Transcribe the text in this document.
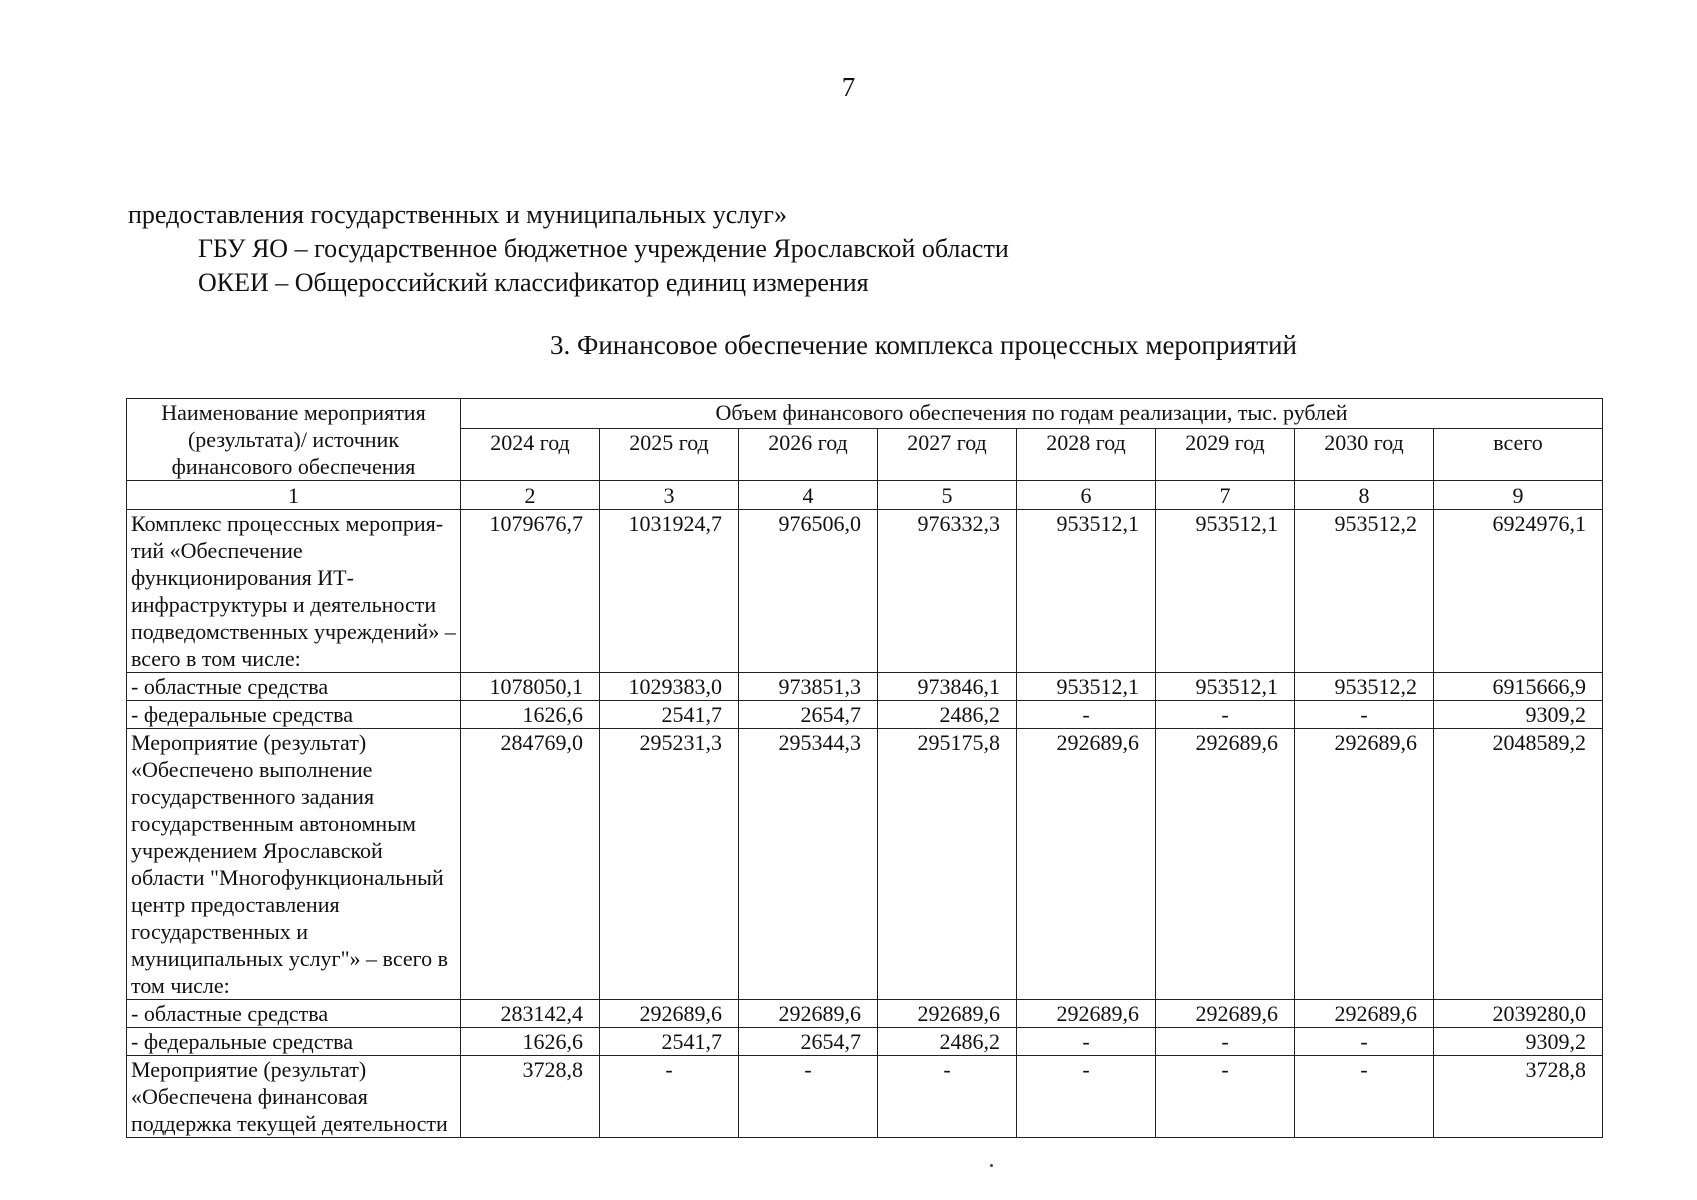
7

предоставления государственных и муниципальных услуг»

ГБУ ЯО – государственное бюджетное учреждение Ярославской области

ОКЕИ – Общероссийский классификатор единиц измерения

3. Финансовое обеспечение комплекса процессных мероприятий
Наименование мероприятия (результата)/ источник финансового обеспечения	Объем финансового обеспечения по годам реализации, тыс. рублей							
	2024 год	2025 год	2026 год	2027 год	2028 год	2029 год	2030 год	всего
1	2	3	4	5	6	7	8	9
Комплекс процессных мероприя-тий «Обеспечение функционирования ИТ-инфраструктуры и деятельности подведомственных учреждений» – всего в том числе:	1079676,7	1031924,7	976506,0	976332,3	953512,1	953512,1	953512,2	6924976,1
- областные средства	1078050,1	1029383,0	973851,3	973846,1	953512,1	953512,1	953512,2	6915666,9
- федеральные средства	1626,6	2541,7	2654,7	2486,2	-	-	-	9309,2
Мероприятие (результат) «Обеспечено выполнение государственного задания государственным автономным учреждением Ярославской области "Многофункциональный центр предоставления государственных и муниципальных услуг"» – всего в том числе:	284769,0	295231,3	295344,3	295175,8	292689,6	292689,6	292689,6	2048589,2
- областные средства	283142,4	292689,6	292689,6	292689,6	292689,6	292689,6	292689,6	2039280,0
- федеральные средства	1626,6	2541,7	2654,7	2486,2	-	-	-	9309,2
Мероприятие (результат) «Обеспечена финансовая поддержка текущей деятельности	3728,8	-	-	-	-	-	-	3728,8
